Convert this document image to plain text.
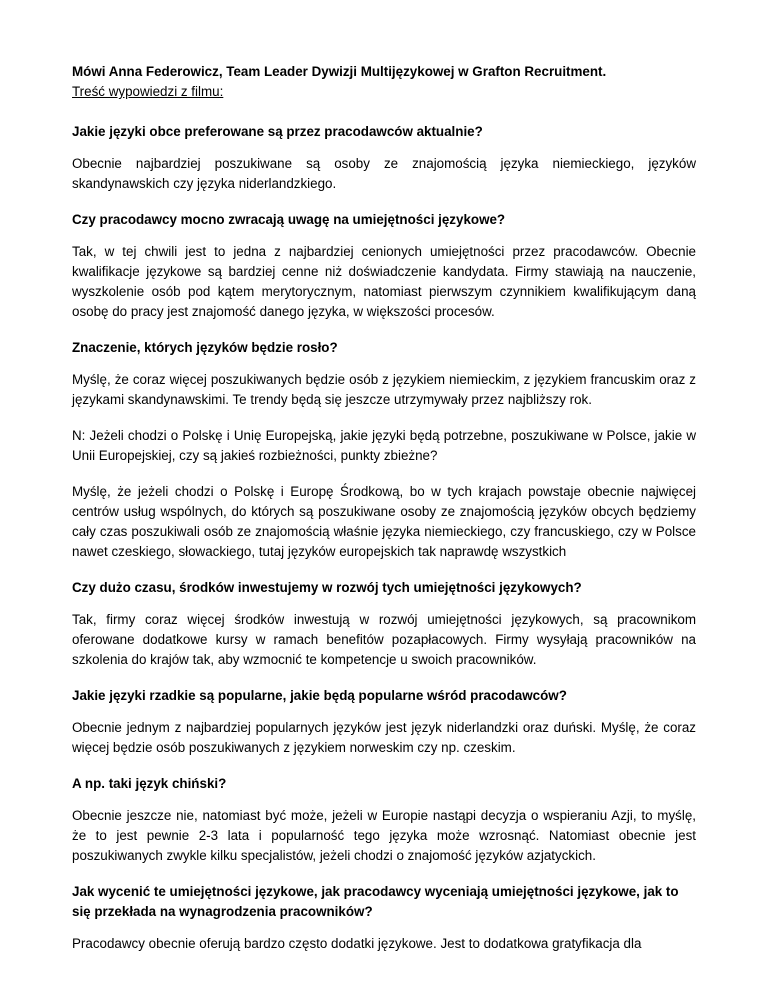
Mówi Anna Federowicz, Team Leader Dywizji Multijęzykowej w Grafton Recruitment.

Treść wypowiedzi z filmu:

Jakie języki obce preferowane są przez pracodawców aktualnie?

Obecnie najbardziej poszukiwane są osoby ze znajomością języka niemieckiego, języków skandynawskich czy języka niderlandzkiego.

Czy pracodawcy mocno zwracają uwagę na umiejętności językowe?

Tak, w tej chwili jest to jedna z najbardziej cenionych umiejętności przez pracodawców. Obecnie kwalifikacje językowe są bardziej cenne niż doświadczenie kandydata. Firmy stawiają na nauczenie, wyszkolenie osób pod kątem merytorycznym, natomiast pierwszym czynnikiem kwalifikującym daną osobę do pracy jest znajomość danego języka, w większości procesów.

Znaczenie, których języków będzie rosło?

Myślę, że coraz więcej poszukiwanych będzie osób z językiem niemieckim, z językiem francuskim oraz z językami skandynawskimi. Te trendy będą się jeszcze utrzymywały przez najbliższy rok.

N: Jeżeli chodzi o Polskę i Unię Europejską, jakie języki będą potrzebne, poszukiwane w Polsce, jakie w Unii Europejskiej, czy są jakieś rozbieżności, punkty zbieżne?

Myślę, że jeżeli chodzi o Polskę i Europę Środkową, bo w tych krajach powstaje obecnie najwięcej centrów usług wspólnych, do których są poszukiwane osoby ze znajomością języków obcych będziemy cały czas poszukiwali osób ze znajomością właśnie języka niemieckiego, czy francuskiego, czy w Polsce nawet czeskiego, słowackiego, tutaj języków europejskich tak naprawdę wszystkich

Czy dużo czasu, środków inwestujemy w rozwój tych umiejętności językowych?

Tak, firmy coraz więcej środków inwestują w rozwój umiejętności językowych, są pracownikom oferowane dodatkowe kursy w ramach benefitów pozapłacowych. Firmy wysyłają pracowników na szkolenia do krajów tak, aby wzmocnić te kompetencje u swoich pracowników.

Jakie języki rzadkie są popularne, jakie będą popularne wśród pracodawców?

Obecnie jednym z najbardziej popularnych języków jest język niderlandzki oraz duński. Myślę, że coraz więcej będzie osób poszukiwanych z językiem norweskim czy np. czeskim.

A np. taki język chiński?

Obecnie jeszcze nie, natomiast być może, jeżeli w Europie nastąpi decyzja o wspieraniu Azji, to myślę, że to jest pewnie 2-3 lata i popularność tego języka może wzrosnąć. Natomiast obecnie jest poszukiwanych zwykle kilku specjalistów, jeżeli chodzi o znajomość języków azjatyckich.

Jak wycenić te umiejętności językowe, jak pracodawcy wyceniają umiejętności językowe, jak to się przekłada na wynagrodzenia pracowników?

Pracodawcy obecnie oferują bardzo często dodatki językowe. Jest to dodatkowa gratyfikacja dla
